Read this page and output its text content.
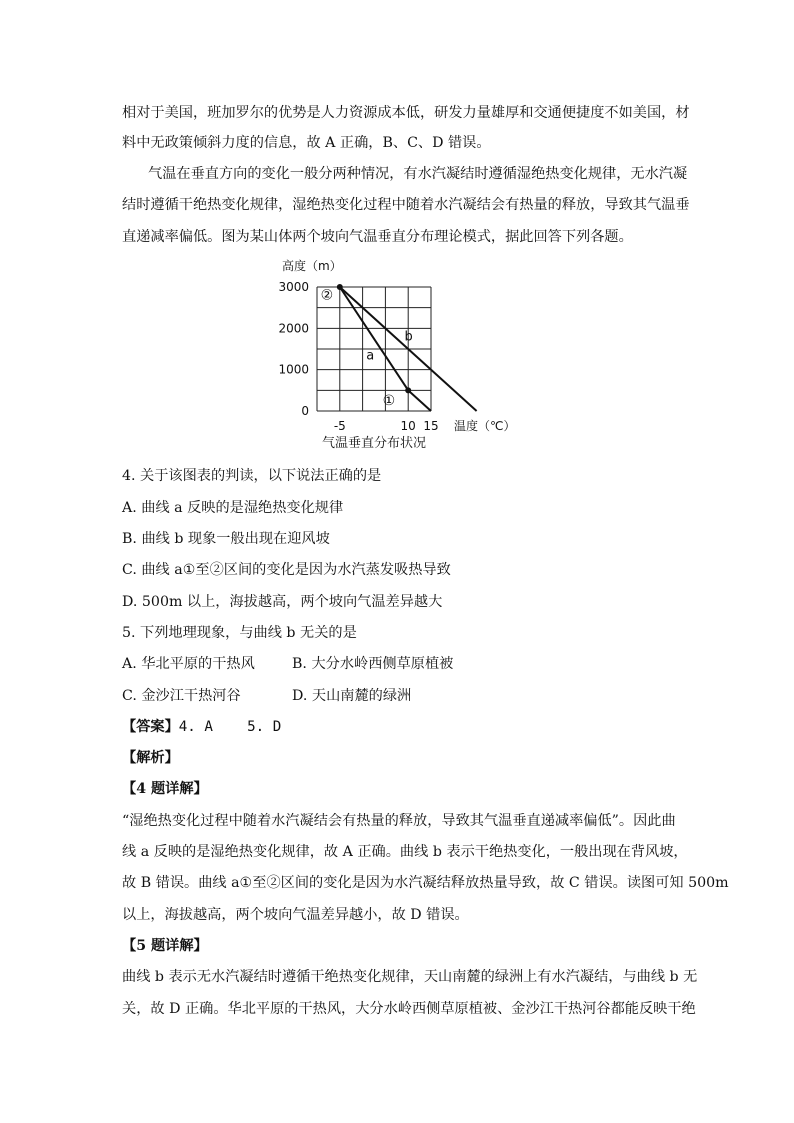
相对于美国，班加罗尔的优势是人力资源成本低，研发力量雄厚和交通便捷度不如美国，材
料中无政策倾斜力度的信息，故 A 正确，B、C、D 错误。
气温在垂直方向的变化一般分两种情况，有水汽凝结时遵循湿绝热变化规律，无水汽凝
结时遵循干绝热变化规律，湿绝热变化过程中随着水汽凝结会有热量的释放，导致其气温垂
直递减率偏低。图为某山体两个坡向气温垂直分布理论模式，据此回答下列各题。
a
b
②
①
0
1000
2000
3000
-5	10 15
高度（m）
温度（℃）
气温垂直分布状况
4. 关于该图表的判读，以下说法正确的是
A. 曲线 a 反映的是湿绝热变化规律
B. 曲线 b 现象一般出现在迎风坡
C. 曲线 a①至②区间的变化是因为水汽蒸发吸热导致
D. 500m 以上，海拔越高，两个坡向气温差异越大
5. 下列地理现象，与曲线 b 无关的是
A. 华北平原的干热风	B. 大分水岭西侧草原植被
C. 金沙江干热河谷	D. 天山南麓的绿洲
【答案】4. A    5. D
【解析】
【4 题详解】
“湿绝热变化过程中随着水汽凝结会有热量的释放，导致其气温垂直递减率偏低”。因此曲
线 a 反映的是湿绝热变化规律，故 A 正确。曲线 b 表示干绝热变化，一般出现在背风坡，
故 B 错误。曲线 a①至②区间的变化是因为水汽凝结释放热量导致，故 C 错误。读图可知 500m
以上，海拔越高，两个坡向气温差异越小，故 D 错误。
【5 题详解】
曲线 b 表示无水汽凝结时遵循干绝热变化规律，天山南麓的绿洲上有水汽凝结，与曲线 b 无
关，故 D 正确。华北平原的干热风，大分水岭西侧草原植被、金沙江干热河谷都能反映干绝
